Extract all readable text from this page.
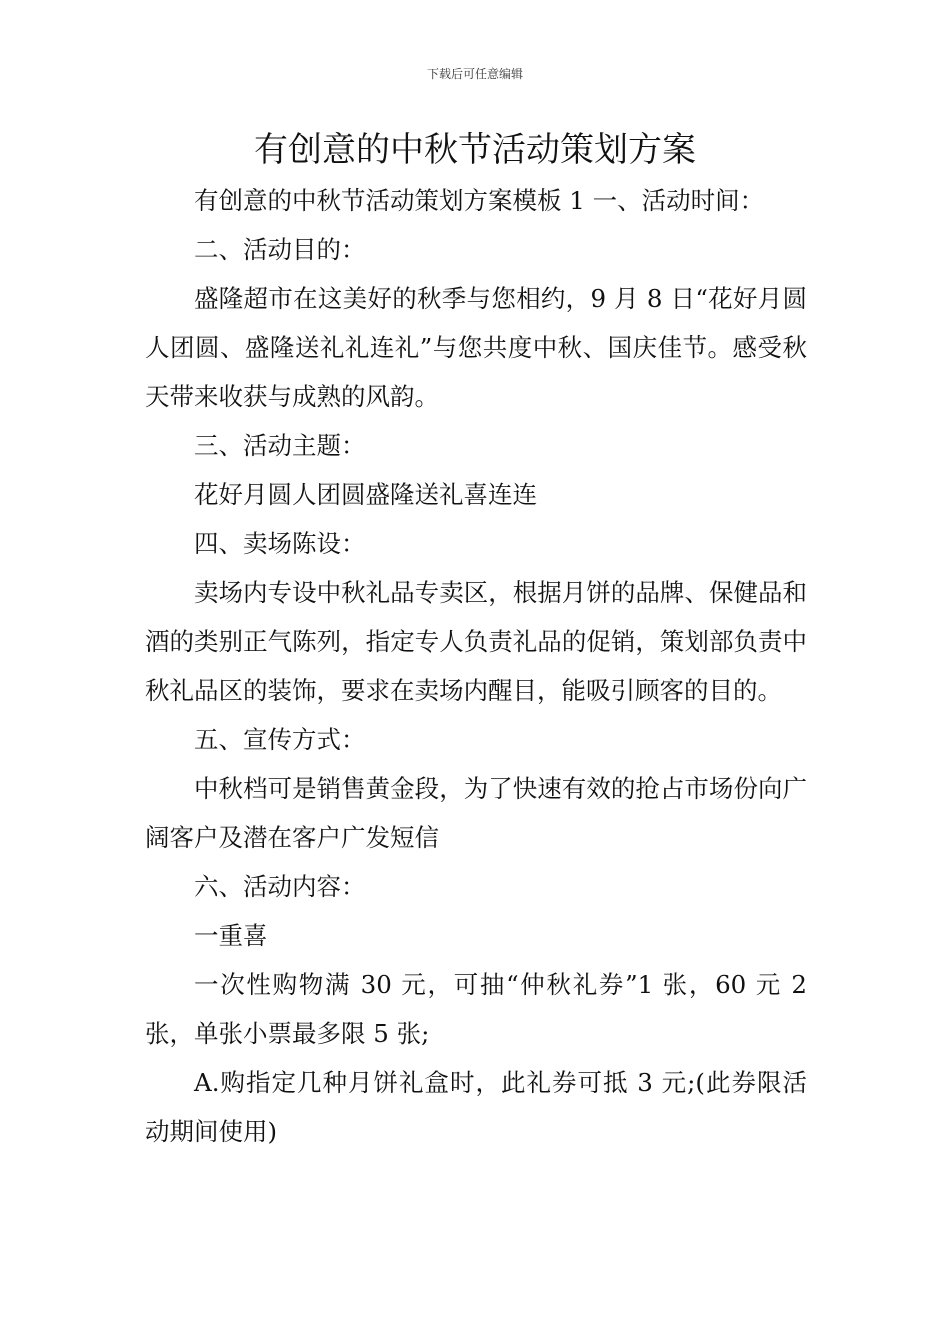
下载后可任意编辑
有创意的中秋节活动策划方案

有创意的中秋节活动策划方案模板 1 一、活动时间：

二、活动目的：

盛隆超市在这美好的秋季与您相约，9 月 8 日“花好月圆人团圆、盛隆送礼礼连礼”与您共度中秋、国庆佳节。感受秋天带来收获与成熟的风韵。

三、活动主题：

花好月圆人团圆盛隆送礼喜连连

四、卖场陈设：

卖场内专设中秋礼品专卖区，根据月饼的品牌、保健品和酒的类别正气陈列，指定专人负责礼品的促销，策划部负责中秋礼品区的装饰，要求在卖场内醒目，能吸引顾客的目的。

五、宣传方式：

中秋档可是销售黄金段，为了快速有效的抢占市场份向广阔客户及潜在客户广发短信

六、活动内容：

一重喜

一次性购物满 30 元，可抽“仲秋礼券”1 张，60 元 2 张，单张小票最多限 5 张;

A.购指定几种月饼礼盒时，此礼券可抵 3 元;(此券限活动期间使用)
